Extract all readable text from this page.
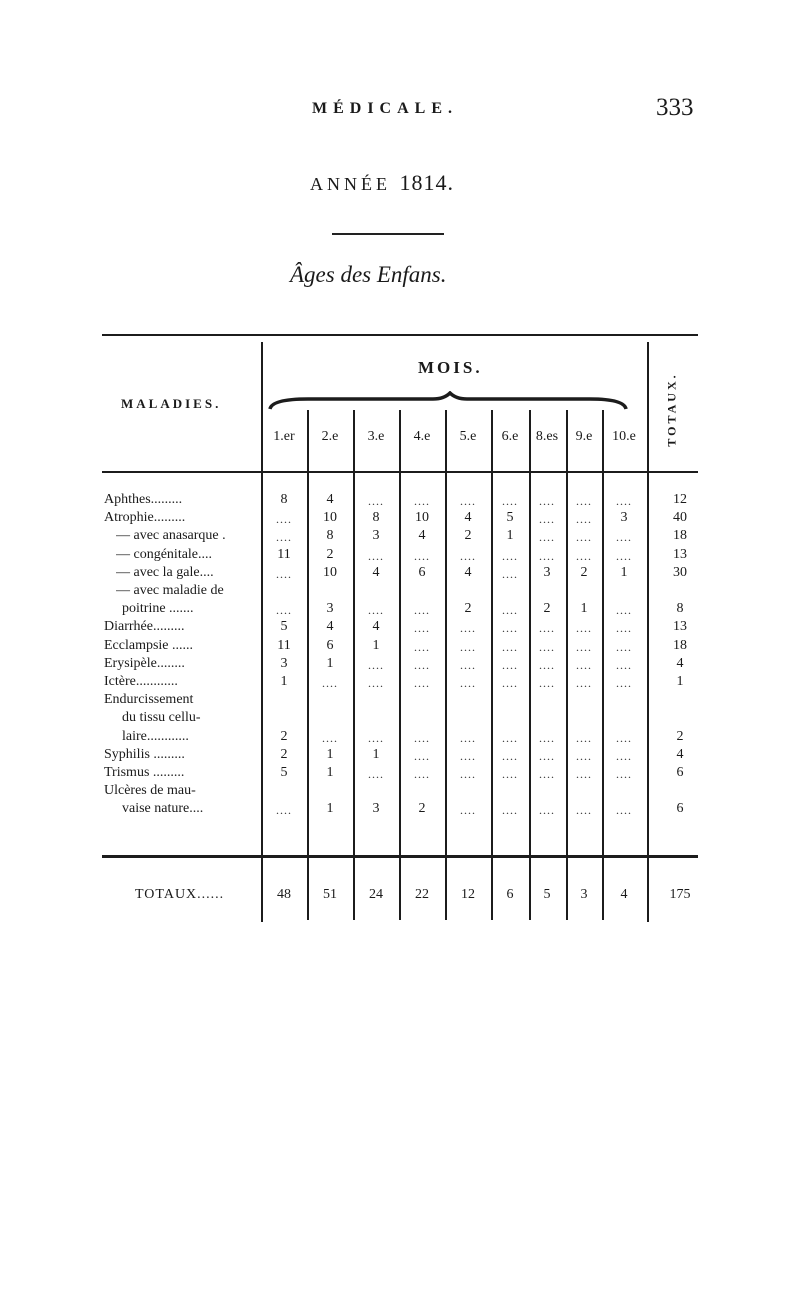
MÉDICALE.	333
ANNÉE 1814.
Âges des Enfans.
MALADIES.
MOIS.
TOTAUX.
1.er	2.e	3.e	4.e	5.e	6.e	8.es	9.e	10.e
Aphthes.........	8	4	....	....	....	....	....	....	....	12
Atrophie.........	....	10	8	10	4	5	....	....	3	40
— avec anasarque .	....	8	3	4	2	1	....	....	....	18
— congénitale....	11	2	....	....	....	....	....	....	....	13
— avec la gale....	....	10	4	6	4	....	3	2	1	30
— avec maladie de
poitrine .......	....	3	....	....	2	....	2	1	....	8
Diarrhée.........	5	4	4	....	....	....	....	....	....	13
Ecclampsie ......	11	6	1	....	....	....	....	....	....	18
Erysipèle........	3	1	....	....	....	....	....	....	....	4
Ictère............	1	....	....	....	....	....	....	....	....	1
Endurcissement
du tissu cellu-
laire............	2	....	....	....	....	....	....	....	....	2
Syphilis .........	2	1	1	....	....	....	....	....	....	4
Trismus .........	5	1	....	....	....	....	....	....	....	6
Ulcères de mau-
vaise nature....	....	1	3	2	....	....	....	....	....	6
TOTAUX......	48	51	24	22	12	6	5	3	4	175
